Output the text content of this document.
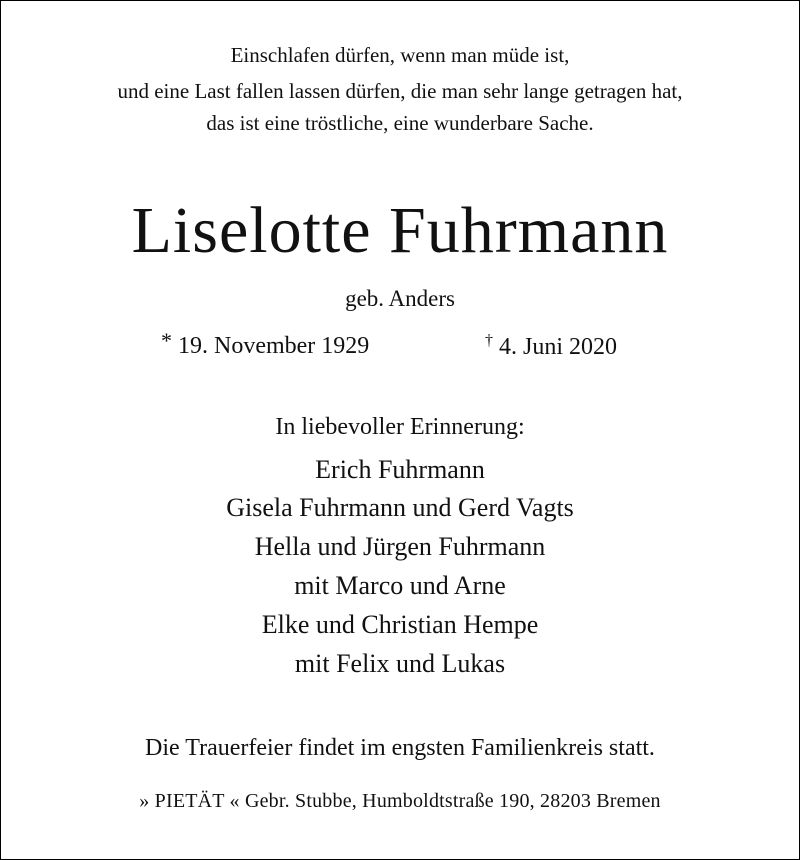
Einschlafen dürfen, wenn man müde ist,

und eine Last fallen lassen dürfen, die man sehr lange getragen hat,

das ist eine tröstliche, eine wunderbare Sache.

Liselotte Fuhrmann

geb. Anders

* 19. November 1929	† 4. Juni 2020

In liebevoller Erinnerung:

Erich Fuhrmann

Gisela Fuhrmann und Gerd Vagts

Hella und Jürgen Fuhrmann

mit Marco und Arne

Elke und Christian Hempe

mit Felix und Lukas

Die Trauerfeier findet im engsten Familienkreis statt.

» PIETÄT « Gebr. Stubbe, Humboldtstraße 190, 28203 Bremen
